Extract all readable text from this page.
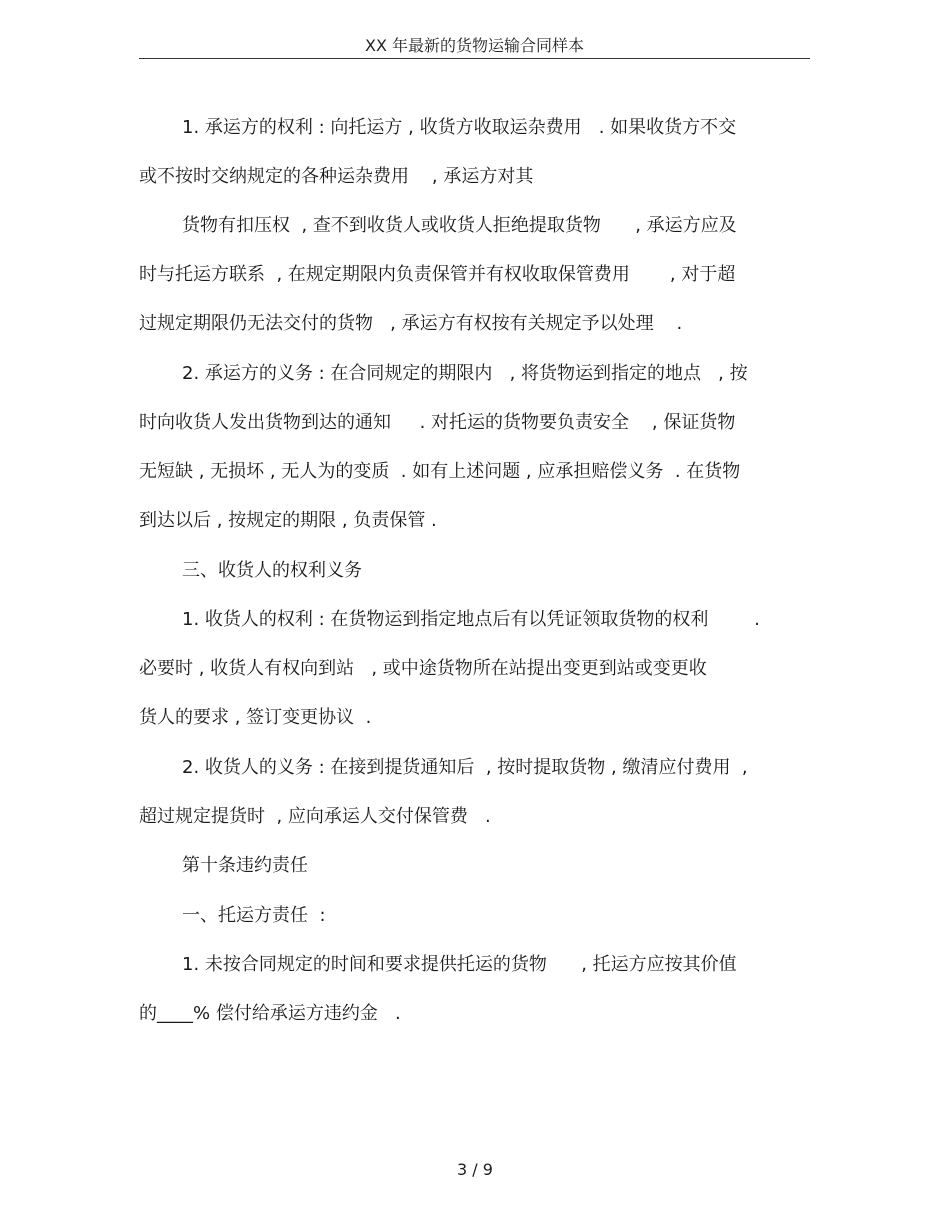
XX 年最新的货物运输合同样本
1. 承运方的权利 : 向托运方 , 收货方收取运杂费用   . 如果收货方不交
或不按时交纳规定的各种运杂费用    , 承运方对其
货物有扣压权  , 查不到收货人或收货人拒绝提取货物      , 承运方应及
时与托运方联系  , 在规定期限内负责保管并有权收取保管费用       , 对于超
过规定期限仍无法交付的货物   , 承运方有权按有关规定予以处理    .
2. 承运方的义务 : 在合同规定的期限内   , 将货物运到指定的地点   , 按
时向收货人发出货物到达的通知     . 对托运的货物要负责安全    , 保证货物
无短缺 , 无损坏 , 无人为的变质  . 如有上述问题 , 应承担赔偿义务  . 在货物
到达以后 , 按规定的期限 , 负责保管 .
三、收货人的权利义务
1. 收货人的权利 : 在货物运到指定地点后有以凭证领取货物的权利        .
必要时 , 收货人有权向到站   , 或中途货物所在站提出变更到站或变更收
货人的要求 , 签订变更协议  .
2. 收货人的义务 : 在接到提货通知后  , 按时提取货物 , 缴清应付费用  ,
超过规定提货时  , 应向承运人交付保管费   .
第十条违约责任
一、托运方责任  :
1. 未按合同规定的时间和要求提供托运的货物      , 托运方应按其价值
的____% 偿付给承运方违约金   .
3 / 9
